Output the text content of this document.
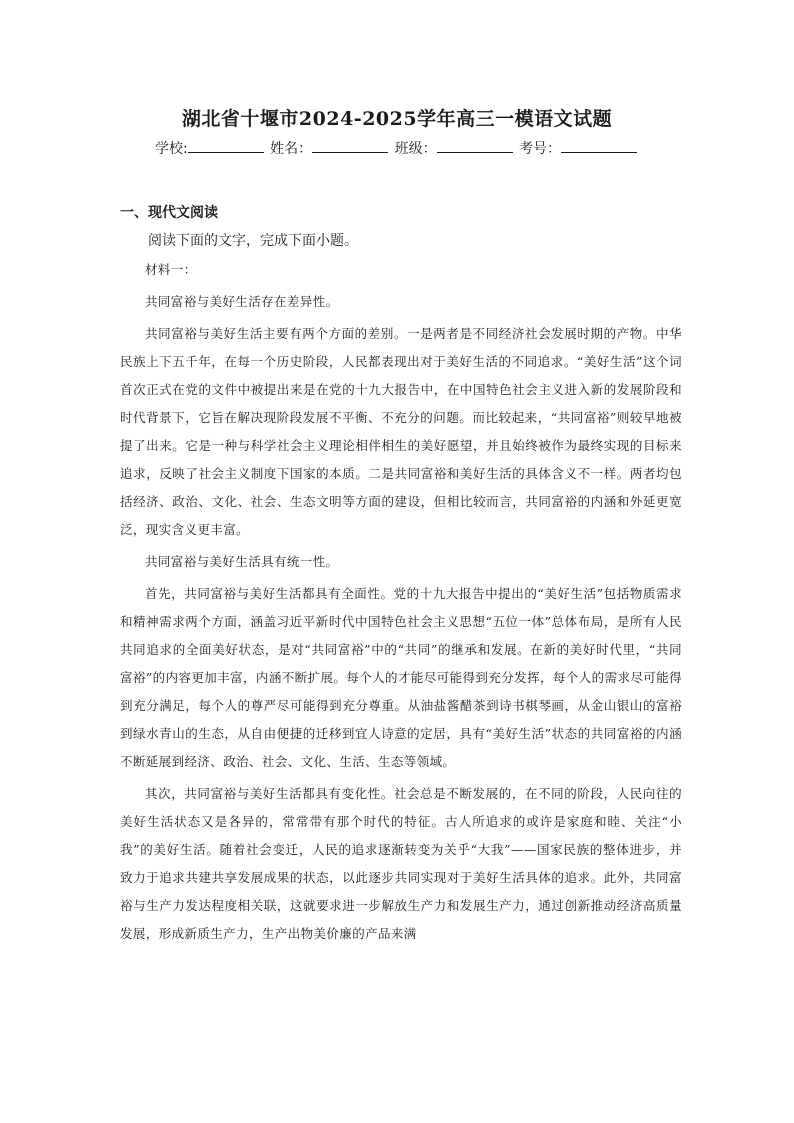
湖北省十堰市2024-2025学年高三一模语文试题
学校:	姓名：	班级：	考号：
一、现代文阅读

阅读下面的文字，完成下面小题。

材料一：

共同富裕与美好生活存在差异性。

共同富裕与美好生活主要有两个方面的差别。一是两者是不同经济社会发展时期的产物。中华民族上下五千年，在每一个历史阶段，人民都表现出对于美好生活的不同追求。“美好生活”这个词首次正式在党的文件中被提出来是在党的十九大报告中，在中国特色社会主义进入新的发展阶段和时代背景下，它旨在解决现阶段发展不平衡、不充分的问题。而比较起来，“共同富裕”则较早地被提了出来。它是一种与科学社会主义理论相伴相生的美好愿望，并且始终被作为最终实现的目标来追求，反映了社会主义制度下国家的本质。二是共同富裕和美好生活的具体含义不一样。两者均包括经济、政治、文化、社会、生态文明等方面的建设，但相比较而言，共同富裕的内涵和外延更宽泛，现实含义更丰富。

共同富裕与美好生活具有统一性。

首先，共同富裕与美好生活都具有全面性。党的十九大报告中提出的“美好生活”包括物质需求和精神需求两个方面，涵盖习近平新时代中国特色社会主义思想“五位一体”总体布局，是所有人民共同追求的全面美好状态，是对“共同富裕”中的“共同”的继承和发展。在新的美好时代里，“共同富裕”的内容更加丰富，内涵不断扩展。每个人的才能尽可能得到充分发挥，每个人的需求尽可能得到充分满足，每个人的尊严尽可能得到充分尊重。从油盐酱醋茶到诗书棋琴画，从金山银山的富裕到绿水青山的生态，从自由便捷的迁移到宜人诗意的定居，具有“美好生活”状态的共同富裕的内涵不断延展到经济、政治、社会、文化、生活、生态等领域。

其次，共同富裕与美好生活都具有变化性。社会总是不断发展的，在不同的阶段，人民向往的美好生活状态又是各异的，常常带有那个时代的特征。古人所追求的或许是家庭和睦、关注“小我”的美好生活。随着社会变迁，人民的追求逐渐转变为关乎“大我”——国家民族的整体进步，并致力于追求共建共享发展成果的状态，以此逐步共同实现对于美好生活具体的追求。此外，共同富裕与生产力发达程度相关联，这就要求进一步解放生产力和发展生产力，通过创新推动经济高质量发展，形成新质生产力，生产出物美价廉的产品来满
